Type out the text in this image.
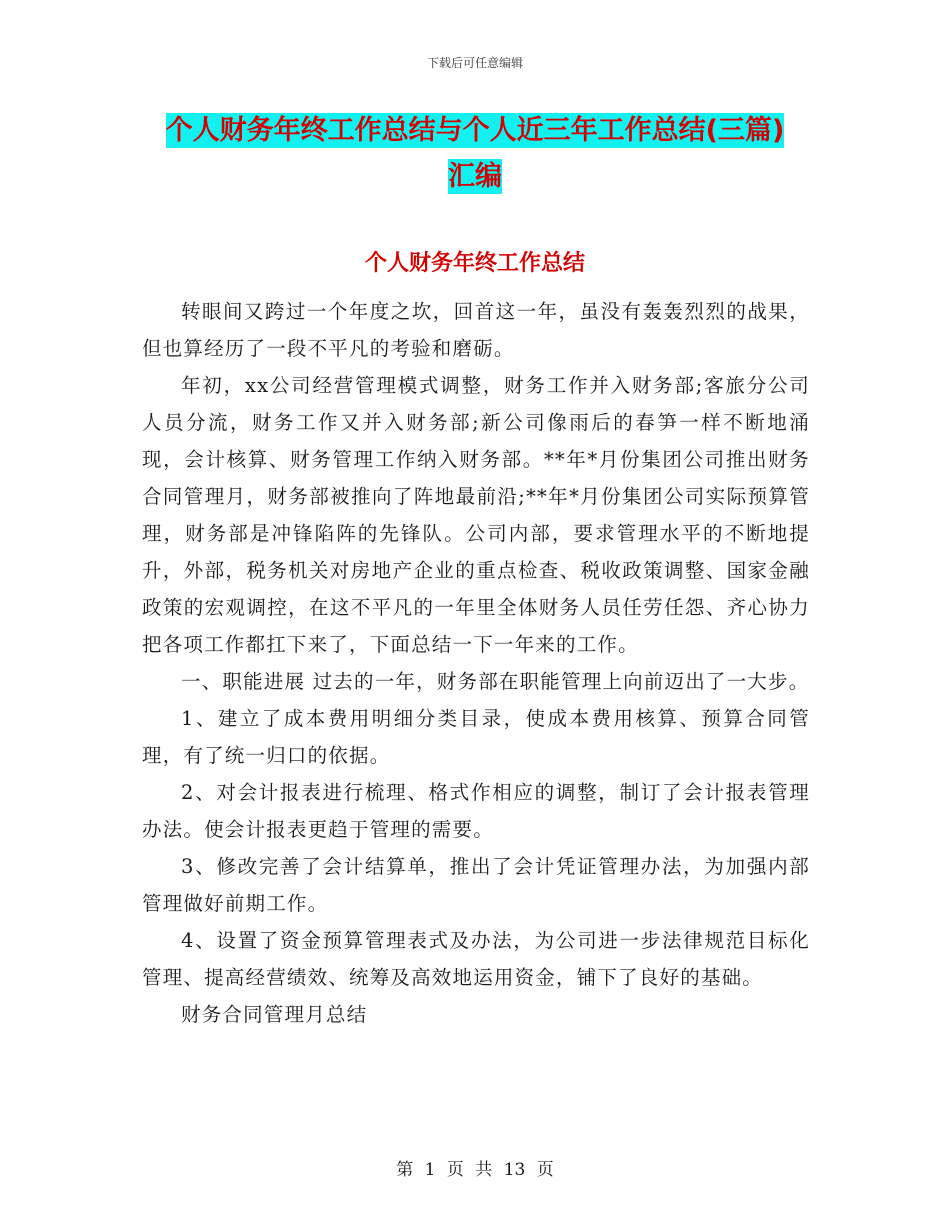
下载后可任意编辑
个人财务年终工作总结与个人近三年工作总结(三篇)
汇编
个人财务年终工作总结

转眼间又跨过一个年度之坎，回首这一年，虽没有轰轰烈烈的战果，但也算经历了一段不平凡的考验和磨砺。

年初，xx公司经营管理模式调整，财务工作并入财务部;客旅分公司人员分流，财务工作又并入财务部;新公司像雨后的春笋一样不断地涌现，会计核算、财务管理工作纳入财务部。**年*月份集团公司推出财务合同管理月，财务部被推向了阵地最前沿;**年*月份集团公司实际预算管理，财务部是冲锋陷阵的先锋队。公司内部，要求管理水平的不断地提升，外部，税务机关对房地产企业的重点检查、税收政策调整、国家金融政策的宏观调控，在这不平凡的一年里全体财务人员任劳任怨、齐心协力把各项工作都扛下来了，下面总结一下一年来的工作。

一、职能进展 过去的一年，财务部在职能管理上向前迈出了一大步。

1、建立了成本费用明细分类目录，使成本费用核算、预算合同管理，有了统一归口的依据。

2、对会计报表进行梳理、格式作相应的调整，制订了会计报表管理办法。使会计报表更趋于管理的需要。

3、修改完善了会计结算单，推出了会计凭证管理办法，为加强内部管理做好前期工作。

4、设置了资金预算管理表式及办法，为公司进一步法律规范目标化管理、提高经营绩效、统筹及高效地运用资金，铺下了良好的基础。

财务合同管理月总结

第 1 页 共 13 页
